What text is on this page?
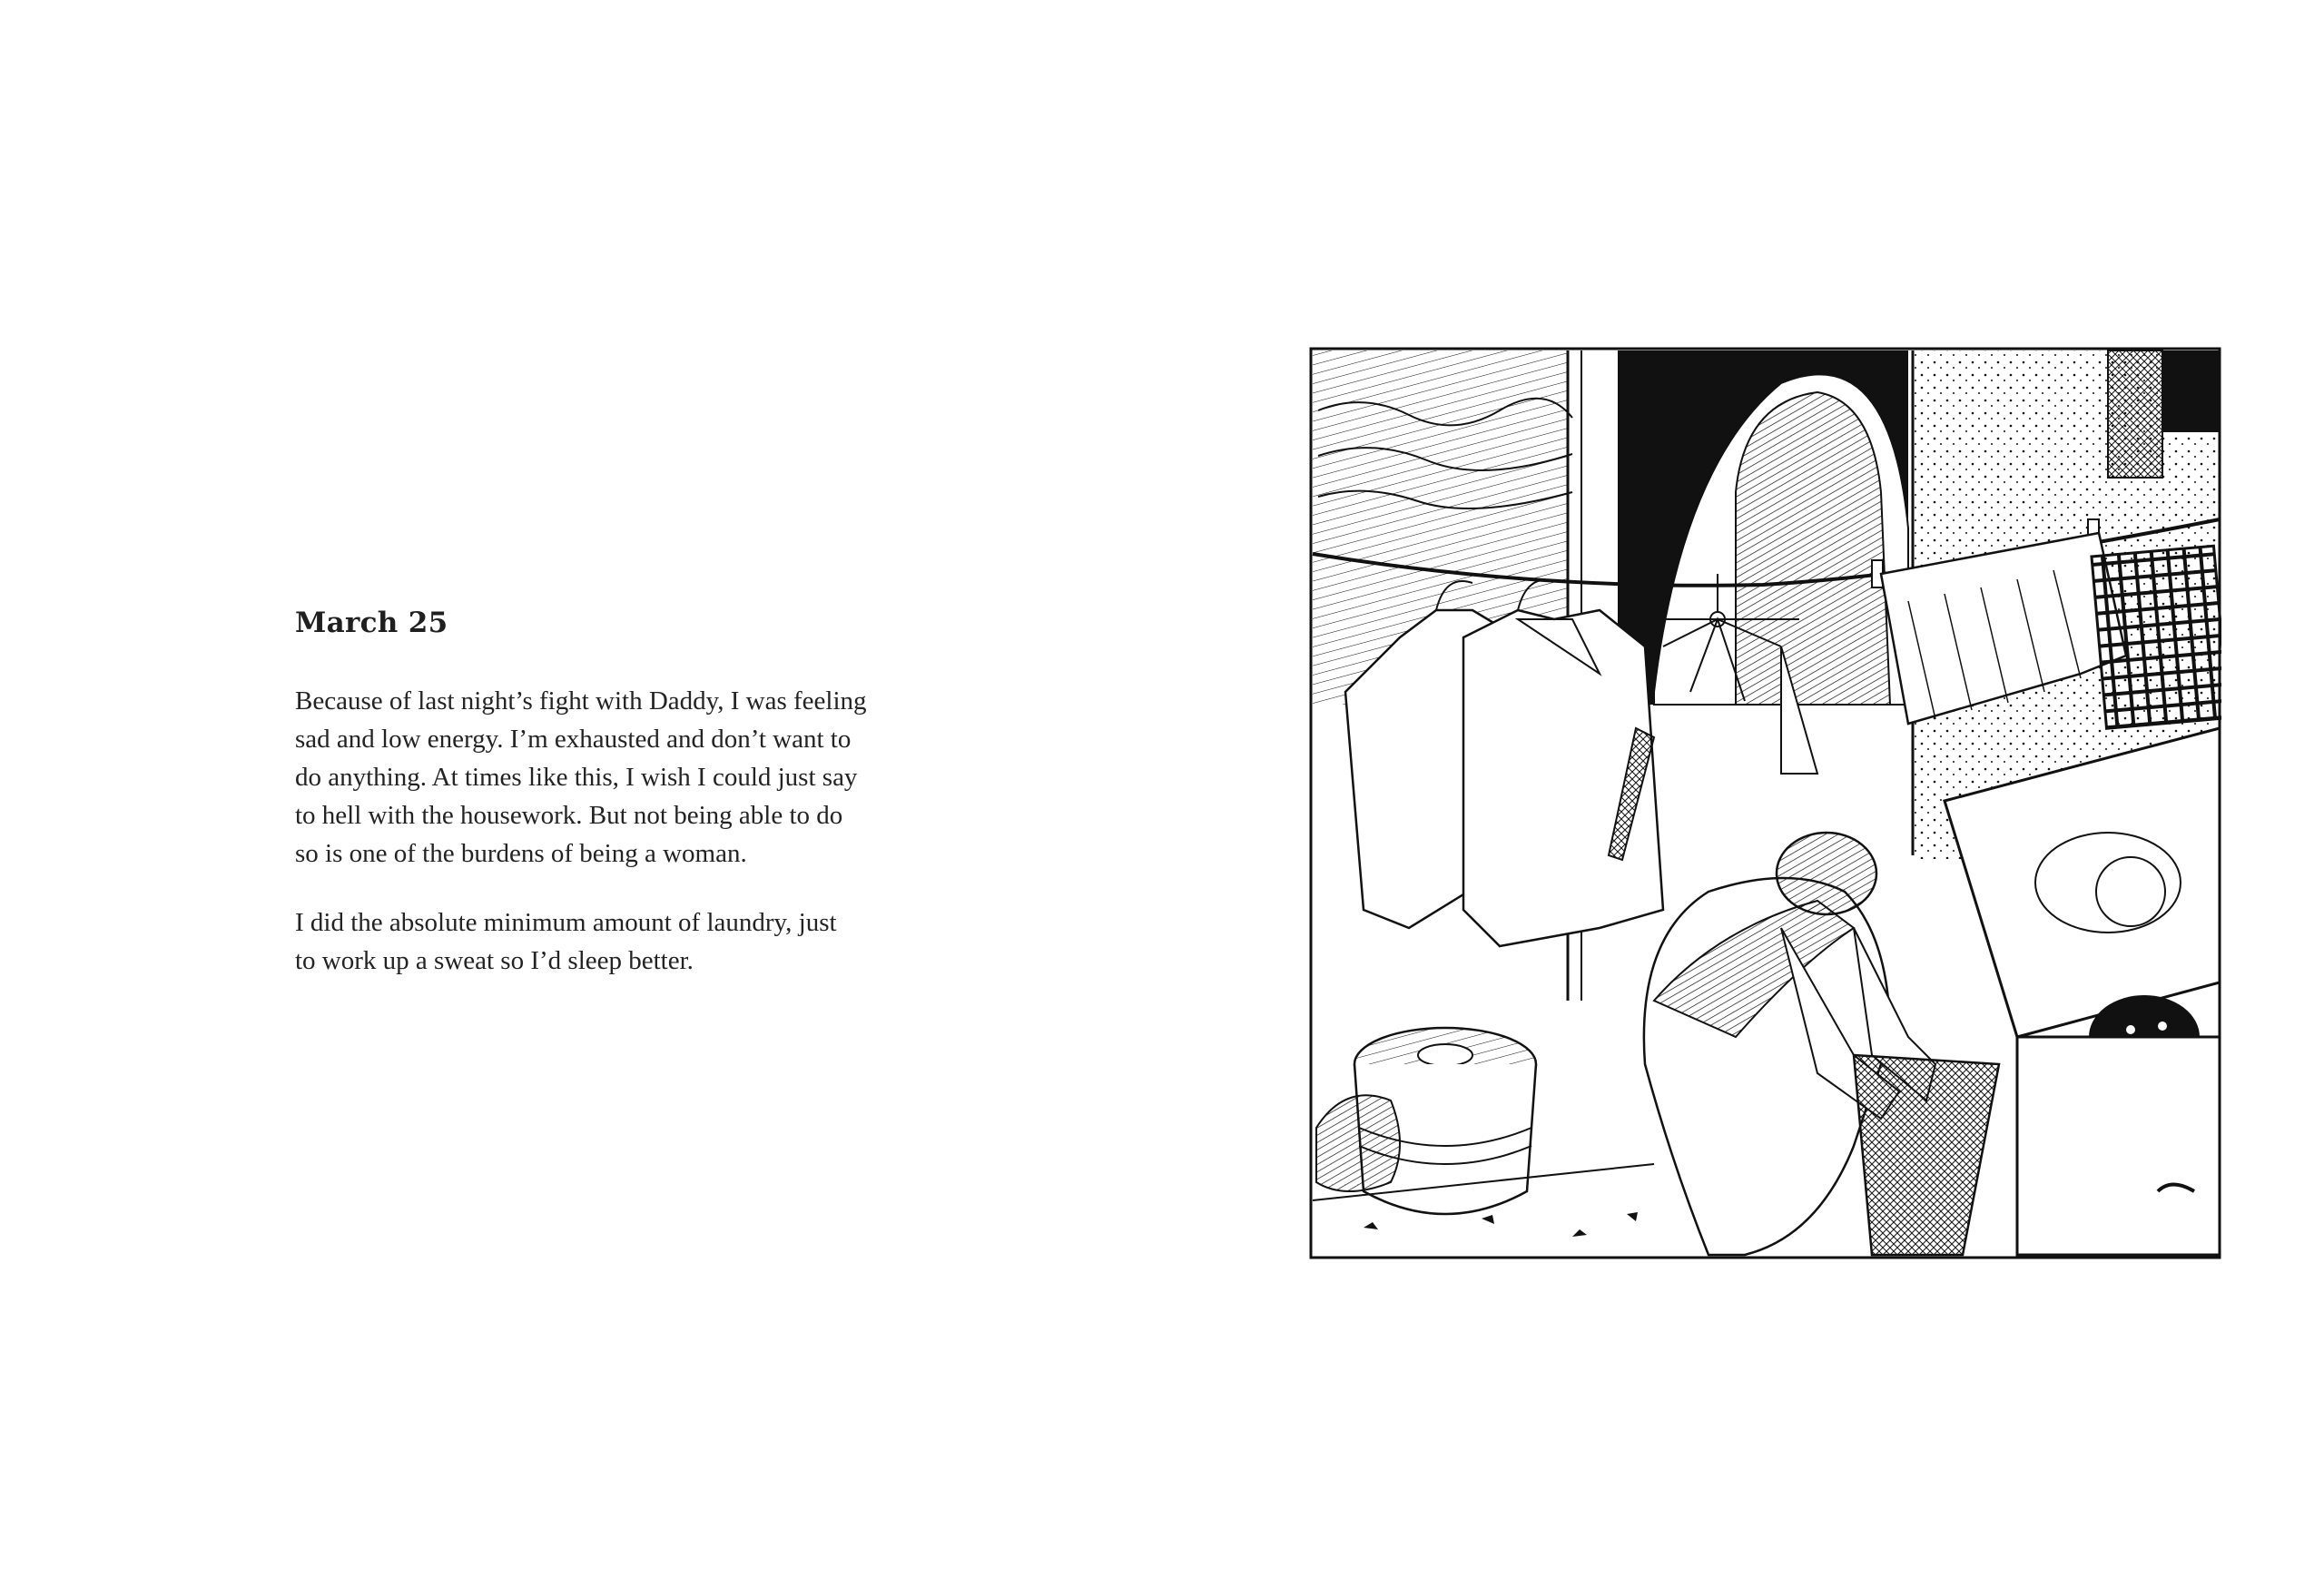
March 25

Because of last night’s fight with Daddy, I was feeling
sad and low energy. I’m exhausted and don’t want to
do anything. At times like this, I wish I could just say
to hell with the housework. But not being able to do
so is one of the burdens of being a woman.

I did the absolute minimum amount of laundry, just
to work up a sweat so I’d sleep better.
